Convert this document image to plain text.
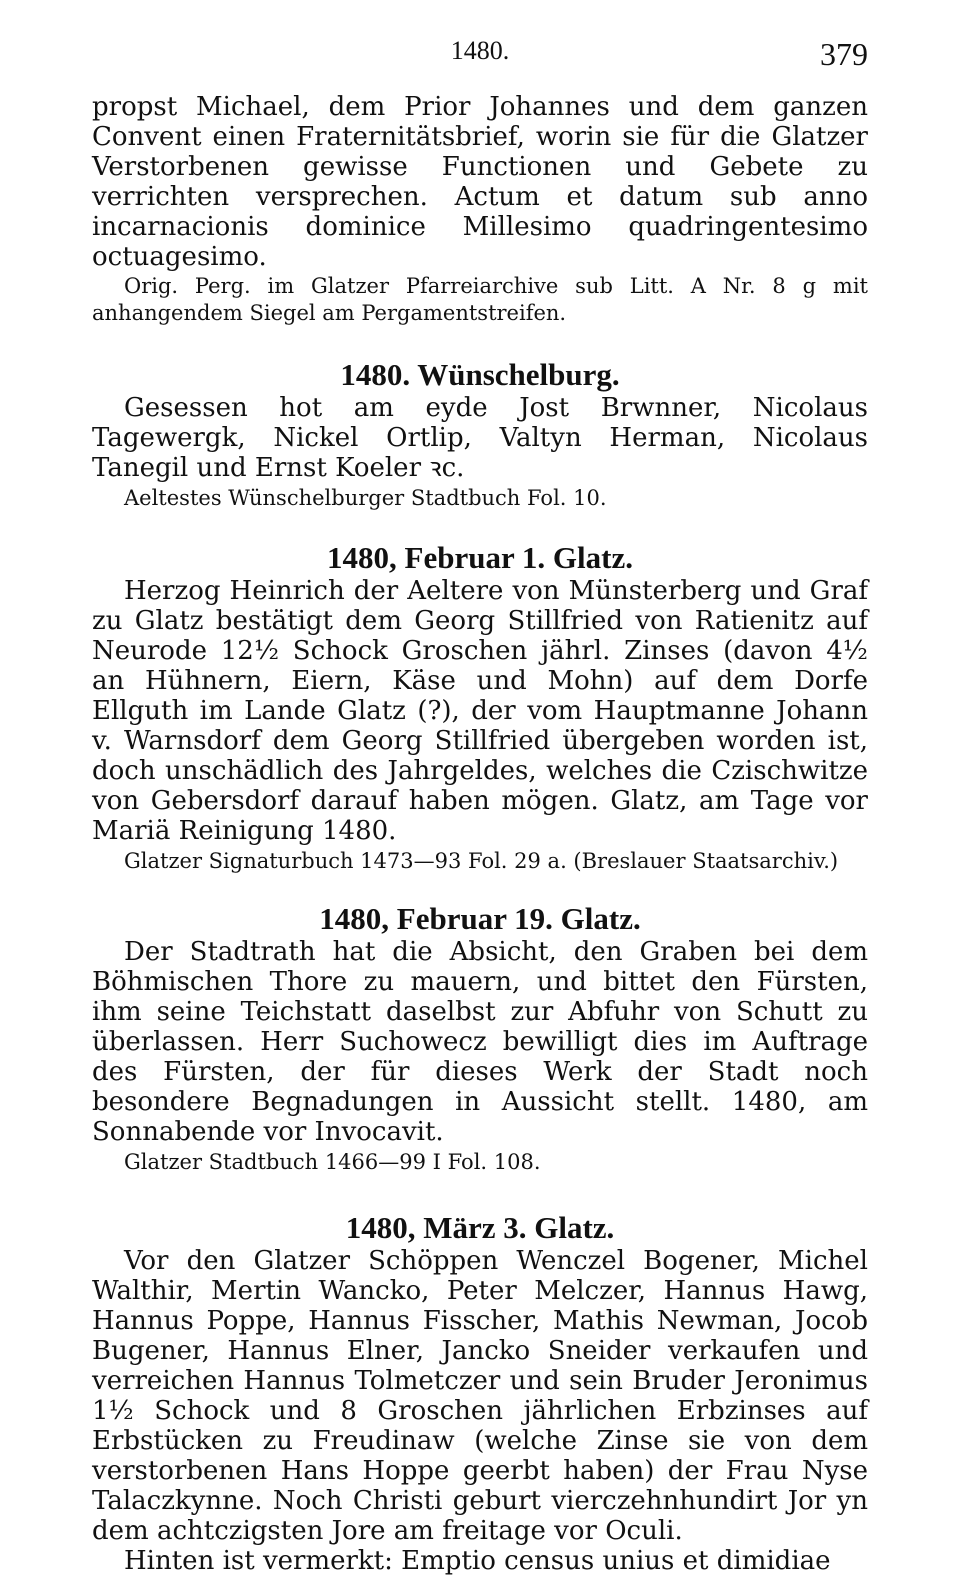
1480.	379

propst Michael, dem Prior Johannes und dem ganzen Convent einen Fraternitätsbrief, worin sie für die Glatzer Verstorbenen gewisse Functionen und Gebete zu verrichten versprechen. Actum et datum sub anno incarnacionis dominice Millesimo quadringentesimo octuagesimo.

Orig. Perg. im Glatzer Pfarreiarchive sub Litt. A Nr. 8 g mit anhangendem Siegel am Pergamentstreifen.
1480. Wünschelburg.

Gesessen hot am eyde Jost Brwnner, Nicolaus Tagewergk, Nickel Ortlip, Valtyn Herman, Nicolaus Tanegil und Ernst Koeler ꝛc.

Aeltestes Wünschelburger Stadtbuch Fol. 10.
1480, Februar 1. Glatz.

Herzog Heinrich der Aeltere von Münsterberg und Graf zu Glatz bestätigt dem Georg Stillfried von Ratienitz auf Neurode 12½ Schock Groschen jährl. Zinses (davon 4½ an Hühnern, Eiern, Käse und Mohn) auf dem Dorfe Ellguth im Lande Glatz (?), der vom Hauptmanne Johann v. Warnsdorf dem Georg Stillfried übergeben worden ist, doch unschädlich des Jahrgeldes, welches die Czischwitze von Gebersdorf darauf haben mögen. Glatz, am Tage vor Mariä Reinigung 1480.

Glatzer Signaturbuch 1473—93 Fol. 29 a. (Breslauer Staatsarchiv.)
1480, Februar 19. Glatz.

Der Stadtrath hat die Absicht, den Graben bei dem Böhmischen Thore zu mauern, und bittet den Fürsten, ihm seine Teichstatt daselbst zur Abfuhr von Schutt zu überlassen. Herr Suchowecz bewilligt dies im Auftrage des Fürsten, der für dieses Werk der Stadt noch besondere Begnadungen in Aussicht stellt. 1480, am Sonnabende vor Invocavit.

Glatzer Stadtbuch 1466—99 I Fol. 108.
1480, März 3. Glatz.

Vor den Glatzer Schöppen Wenczel Bogener, Michel Walthir, Mertin Wancko, Peter Melczer, Hannus Hawg, Hannus Poppe, Hannus Fisscher, Mathis Newman, Jocob Bugener, Hannus Elner, Jancko Sneider verkaufen und verreichen Hannus Tolmetczer und sein Bruder Jeronimus 1½ Schock und 8 Groschen jährlichen Erbzinses auf Erbstücken zu Freudinaw (welche Zinse sie von dem verstorbenen Hans Hoppe geerbt haben) der Frau Nyse Talaczkynne. Noch Christi geburt vierczehnhundirt Jor yn dem achtczigsten Jore am freitage vor Oculi.

Hinten ist vermerkt: Emptio census unius et dimidiae
